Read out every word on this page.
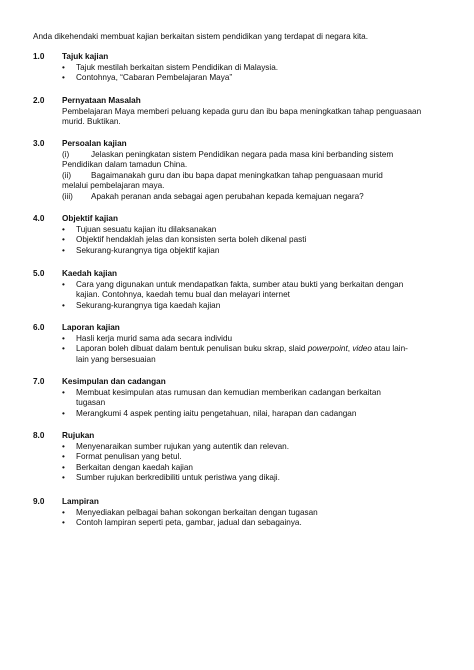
Anda dikehendaki membuat kajian berkaitan sistem pendidikan yang terdapat di negara kita.
1.0	Tajuk kajian
• Tajuk mestilah berkaitan sistem Pendidikan di Malaysia.
• Contohnya, “Cabaran Pembelajaran Maya”
2.0	Pernyataan Masalah
Pembelajaran Maya memberi peluang kepada guru dan ibu bapa meningkatkan tahap penguasaan
murid. Buktikan.
3.0	Persoalan kajian
(i)	Jelaskan peningkatan sistem Pendidikan negara pada masa kini berbanding sistem
Pendidikan dalam tamadun China.
(ii)	Bagaimanakah guru dan ibu bapa dapat meningkatkan tahap penguasaan murid
melalui pembelajaran maya.
(iii)	Apakah peranan anda sebagai agen perubahan kepada kemajuan negara?
4.0	Objektif kajian
• Tujuan sesuatu kajian itu dilaksanakan
• Objektif hendaklah jelas dan konsisten serta boleh dikenal pasti
• Sekurang-kurangnya tiga objektif kajian
5.0	Kaedah kajian
• Cara yang digunakan untuk mendapatkan fakta, sumber atau bukti yang berkaitan dengan
kajian. Contohnya, kaedah temu bual dan melayari internet
• Sekurang-kurangnya tiga kaedah kajian
6.0	Laporan kajian
• Hasli kerja murid sama ada secara individu
• Laporan boleh dibuat dalam bentuk penulisan buku skrap, slaid powerpoint, video atau lain-
lain yang bersesuaian
7.0	Kesimpulan dan cadangan
• Membuat kesimpulan atas rumusan dan kemudian memberikan cadangan berkaitan
tugasan
• Merangkumi 4 aspek penting iaitu pengetahuan, nilai, harapan dan cadangan
8.0	Rujukan
• Menyenaraikan sumber rujukan yang autentik dan relevan.
• Format penulisan yang betul.
• Berkaitan dengan kaedah kajian
• Sumber rujukan berkredibiliti untuk peristiwa yang dikaji.
9.0	Lampiran
• Menyediakan pelbagai bahan sokongan berkaitan dengan tugasan
• Contoh lampiran seperti peta, gambar, jadual dan sebagainya.
